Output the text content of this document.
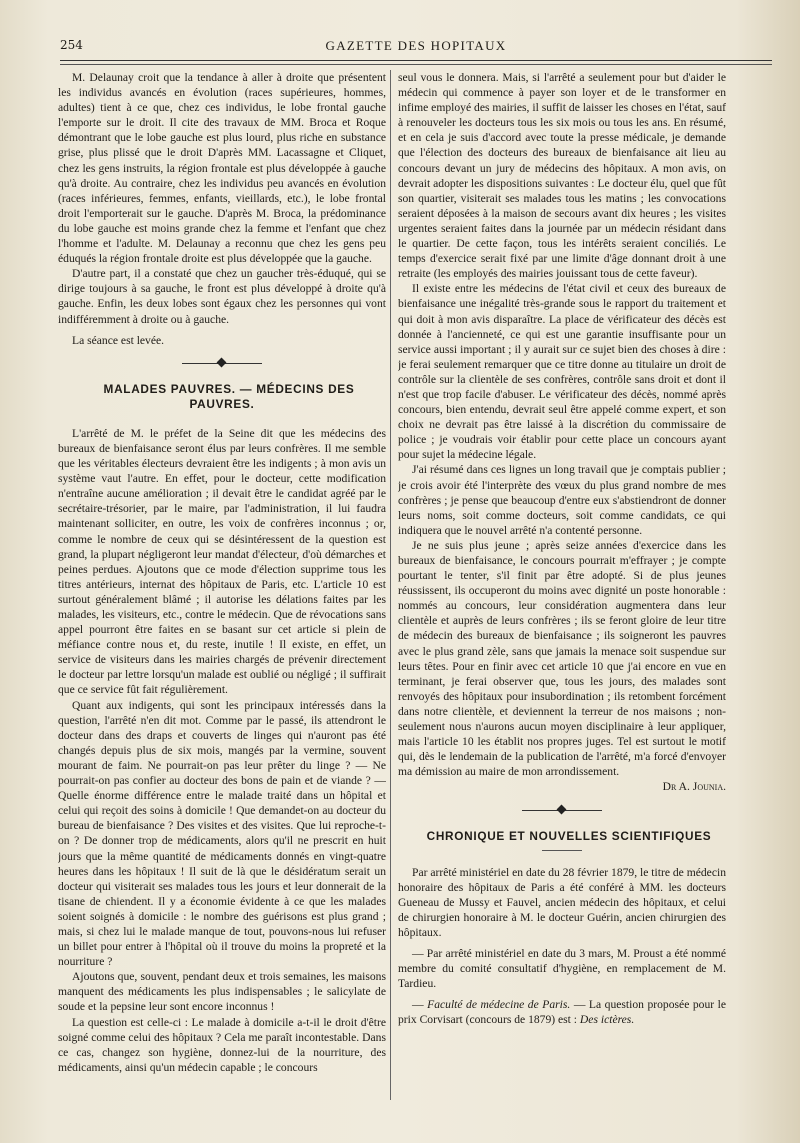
254	GAZETTE DES HOPITAUX

M. Delaunay croit que la tendance à aller à droite que présentent les individus avancés en évolution (races supérieures, hommes, adultes) tient à ce que, chez ces individus, le lobe frontal gauche l'emporte sur le droit. Il cite des travaux de MM. Broca et Roque démontrant que le lobe gauche est plus lourd, plus riche en substance grise, plus plissé que le droit D'après MM. Lacassagne et Cliquet, chez les gens instruits, la région frontale est plus développée à gauche qu'à droite. Au contraire, chez les individus peu avancés en évolution (races inférieures, femmes, enfants, vieillards, etc.), le lobe frontal droit l'emporterait sur le gauche. D'après M. Broca, la prédominance du lobe gauche est moins grande chez la femme et l'enfant que chez l'homme et l'adulte. M. Delaunay a reconnu que chez les gens peu éduqués la région frontale droite est plus développée que la gauche.

D'autre part, il a constaté que chez un gaucher très-éduqué, qui se dirige toujours à sa gauche, le front est plus développé à droite qu'à gauche. Enfin, les deux lobes sont égaux chez les personnes qui vont indifféremment à droite ou à gauche.

La séance est levée.

MALADES PAUVRES. — MÉDECINS DES PAUVRES.

L'arrêté de M. le préfet de la Seine dit que les médecins des bureaux de bienfaisance seront élus par leurs confrères. Il me semble que les véritables électeurs devraient être les indigents ; à mon avis un système vaut l'autre. En effet, pour le docteur, cette modification n'entraîne aucune amélioration ; il devait être le candidat agréé par le secrétaire-trésorier, par le maire, par l'administration, il lui faudra maintenant solliciter, en outre, les voix de confrères inconnus ; or, comme le nombre de ceux qui se désintéressent de la question est grand, la plupart négligeront leur mandat d'électeur, d'où démarches et peines perdues. Ajoutons que ce mode d'élection supprime tous les titres antérieurs, internat des hôpitaux de Paris, etc. L'article 10 est surtout généralement blâmé ; il autorise les délations faites par les malades, les visiteurs, etc., contre le médecin. Que de révocations sans appel pourront être faites en se basant sur cet article si plein de méfiance contre nous et, du reste, inutile ! Il existe, en effet, un service de visiteurs dans les mairies chargés de prévenir directement le docteur par lettre lorsqu'un malade est oublié ou négligé ; il suffirait que ce service fût fait régulièrement.

Quant aux indigents, qui sont les principaux intéressés dans la question, l'arrêté n'en dit mot. Comme par le passé, ils attendront le docteur dans des draps et couverts de linges qui n'auront pas été changés depuis plus de six mois, mangés par la vermine, souvent mourant de faim. Ne pourrait-on pas leur prêter du linge ? — Ne pourrait-on pas confier au docteur des bons de pain et de viande ? — Quelle énorme différence entre le malade traité dans un hôpital et celui qui reçoit des soins à domicile ! Que demandet-on au docteur du bureau de bienfaisance ? Des visites et des visites. Que lui reproche-t-on ? De donner trop de médicaments, alors qu'il ne prescrit en huit jours que la même quantité de médicaments donnés en vingt-quatre heures dans les hôpitaux ! Il suit de là que le désidératum serait un docteur qui visiterait ses malades tous les jours et leur donnerait de la tisane de chiendent. Il y a économie évidente à ce que les malades soient soignés à domicile : le nombre des guérisons est plus grand ; mais, si chez lui le malade manque de tout, pouvons-nous lui refuser un billet pour entrer à l'hôpital où il trouve du moins la propreté et la nourriture ?

Ajoutons que, souvent, pendant deux et trois semaines, les maisons manquent des médicaments les plus indispensables ; le salicylate de soude et la pepsine leur sont encore inconnus !

La question est celle-ci : Le malade à domicile a-t-il le droit d'être soigné comme celui des hôpitaux ? Cela me paraît incontestable. Dans ce cas, changez son hygiène, donnez-lui de la nourriture, des médicaments, ainsi qu'un médecin capable ; le concours

seul vous le donnera. Mais, si l'arrêté a seulement pour but d'aider le médecin qui commence à payer son loyer et de le transformer en infime employé des mairies, il suffit de laisser les choses en l'état, sauf à renouveler les docteurs tous les six mois ou tous les ans. En résumé, et en cela je suis d'accord avec toute la presse médicale, je demande que l'élection des docteurs des bureaux de bienfaisance ait lieu au concours devant un jury de médecins des hôpitaux. A mon avis, on devrait adopter les dispositions suivantes : Le docteur élu, quel que fût son quartier, visiterait ses malades tous les matins ; les convocations seraient déposées à la maison de secours avant dix heures ; les visites urgentes seraient faites dans la journée par un médecin résidant dans le quartier. De cette façon, tous les intérêts seraient conciliés. Le temps d'exercice serait fixé par une limite d'âge donnant droit à une retraite (les employés des mairies jouissant tous de cette faveur).

Il existe entre les médecins de l'état civil et ceux des bureaux de bienfaisance une inégalité très-grande sous le rapport du traitement et qui doit à mon avis disparaître. La place de vérificateur des décès est donnée à l'ancienneté, ce qui est une garantie insuffisante pour un service aussi important ; il y aurait sur ce sujet bien des choses à dire : je ferai seulement remarquer que ce titre donne au titulaire un droit de contrôle sur la clientèle de ses confrères, contrôle sans droit et dont il n'est que trop facile d'abuser. Le vérificateur des décès, nommé après concours, bien entendu, devrait seul être appelé comme expert, et son choix ne devrait pas être laissé à la discrétion du commissaire de police ; je voudrais voir établir pour cette place un concours ayant pour sujet la médecine légale.

J'ai résumé dans ces lignes un long travail que je comptais publier ; je crois avoir été l'interprète des vœux du plus grand nombre de mes confrères ; je pense que beaucoup d'entre eux s'abstiendront de donner leurs noms, soit comme docteurs, soit comme candidats, ce qui indiquera que le nouvel arrêté n'a contenté personne.

Je ne suis plus jeune ; après seize années d'exercice dans les bureaux de bienfaisance, le concours pourrait m'effrayer ; je compte pourtant le tenter, s'il finit par être adopté. Si de plus jeunes réussissent, ils occuperont du moins avec dignité un poste honorable : nommés au concours, leur considération augmentera dans leur clientèle et auprès de leurs confrères ; ils se feront gloire de leur titre de médecin des bureaux de bienfaisance ; ils soigneront les pauvres avec le plus grand zèle, sans que jamais la menace soit suspendue sur leurs têtes. Pour en finir avec cet article 10 que j'ai encore en vue en terminant, je ferai observer que, tous les jours, des malades sont renvoyés des hôpitaux pour insubordination ; ils retombent forcément dans notre clientèle, et deviennent la terreur de nos maisons ; non-seulement nous n'aurons aucun moyen disciplinaire à leur appliquer, mais l'article 10 les établit nos propres juges. Tel est surtout le motif qui, dès le lendemain de la publication de l'arrêté, m'a forcé d'envoyer ma démission au maire de mon arrondissement.

Dr A. Jounia.

CHRONIQUE ET NOUVELLES SCIENTIFIQUES

Par arrêté ministériel en date du 28 février 1879, le titre de médecin honoraire des hôpitaux de Paris a été conféré à MM. les docteurs Gueneau de Mussy et Fauvel, ancien médecin des hôpitaux, et celui de chirurgien honoraire à M. le docteur Guérin, ancien chirurgien des hôpitaux.

— Par arrêté ministériel en date du 3 mars, M. Proust a été nommé membre du comité consultatif d'hygiène, en remplacement de M. Tardieu.

— Faculté de médecine de Paris. — La question proposée pour le prix Corvisart (concours de 1879) est : Des ictères.
